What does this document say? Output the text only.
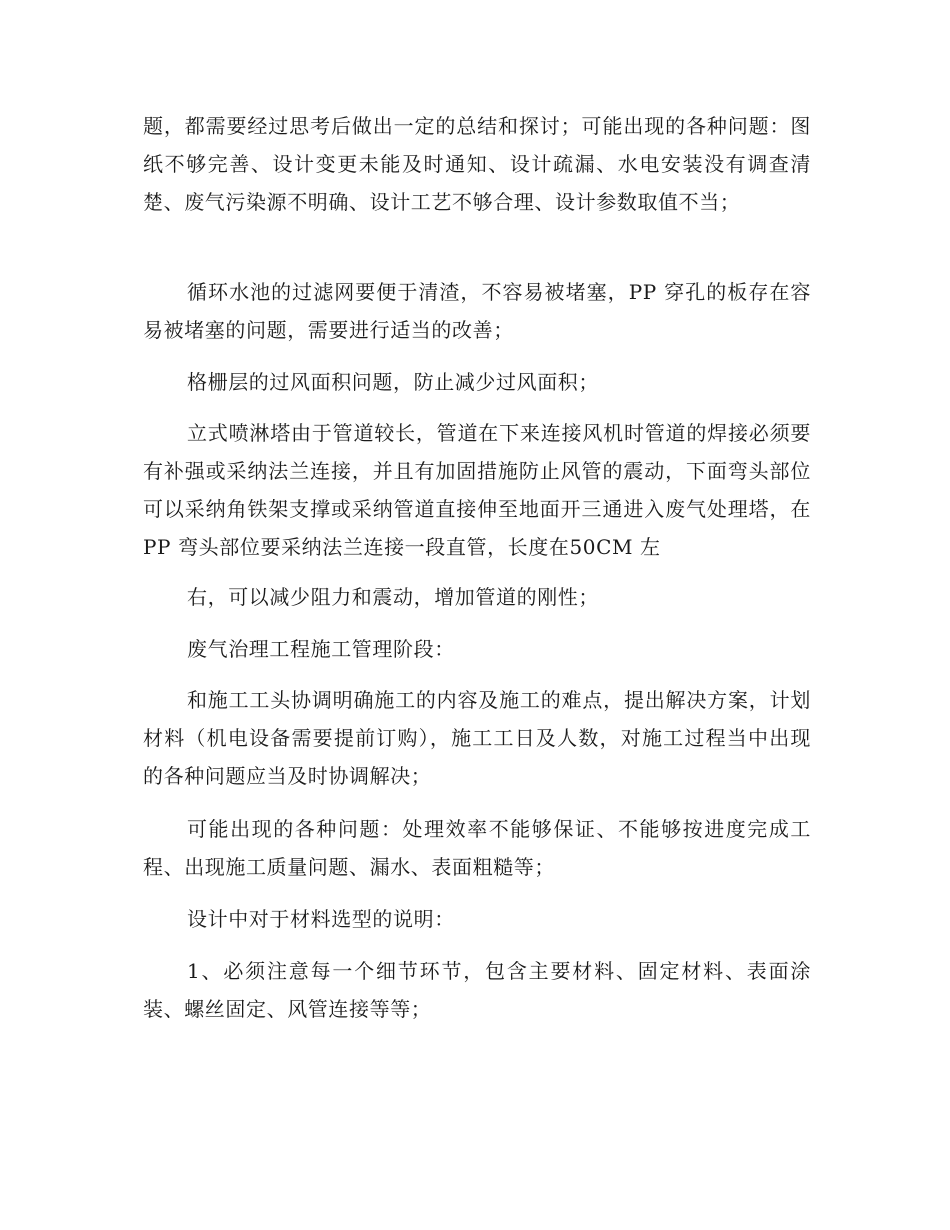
题，都需要经过思考后做出一定的总结和探讨；可能出现的各种问题：图纸不够完善、设计变更未能及时通知、设计疏漏、水电安装没有调查清楚、废气污染源不明确、设计工艺不够合理、设计参数取值不当；

循环水池的过滤网要便于清渣，不容易被堵塞，PP 穿孔的板存在容易被堵塞的问题，需要进行适当的改善；

格栅层的过风面积问题，防止减少过风面积；

立式喷淋塔由于管道较长，管道在下来连接风机时管道的焊接必须要有补强或采纳法兰连接，并且有加固措施防止风管的震动，下面弯头部位可以采纳角铁架支撑或采纳管道直接伸至地面开三通进入废气处理塔，在PP 弯头部位要采纳法兰连接一段直管，长度在50CM 左

右，可以减少阻力和震动，增加管道的刚性；

废气治理工程施工管理阶段：

和施工工头协调明确施工的内容及施工的难点，提出解决方案，计划材料（机电设备需要提前订购），施工工日及人数，对施工过程当中出现的各种问题应当及时协调解决；

可能出现的各种问题：处理效率不能够保证、不能够按进度完成工程、出现施工质量问题、漏水、表面粗糙等；

设计中对于材料选型的说明：

1、必须注意每一个细节环节，包含主要材料、固定材料、表面涂装、螺丝固定、风管连接等等；
